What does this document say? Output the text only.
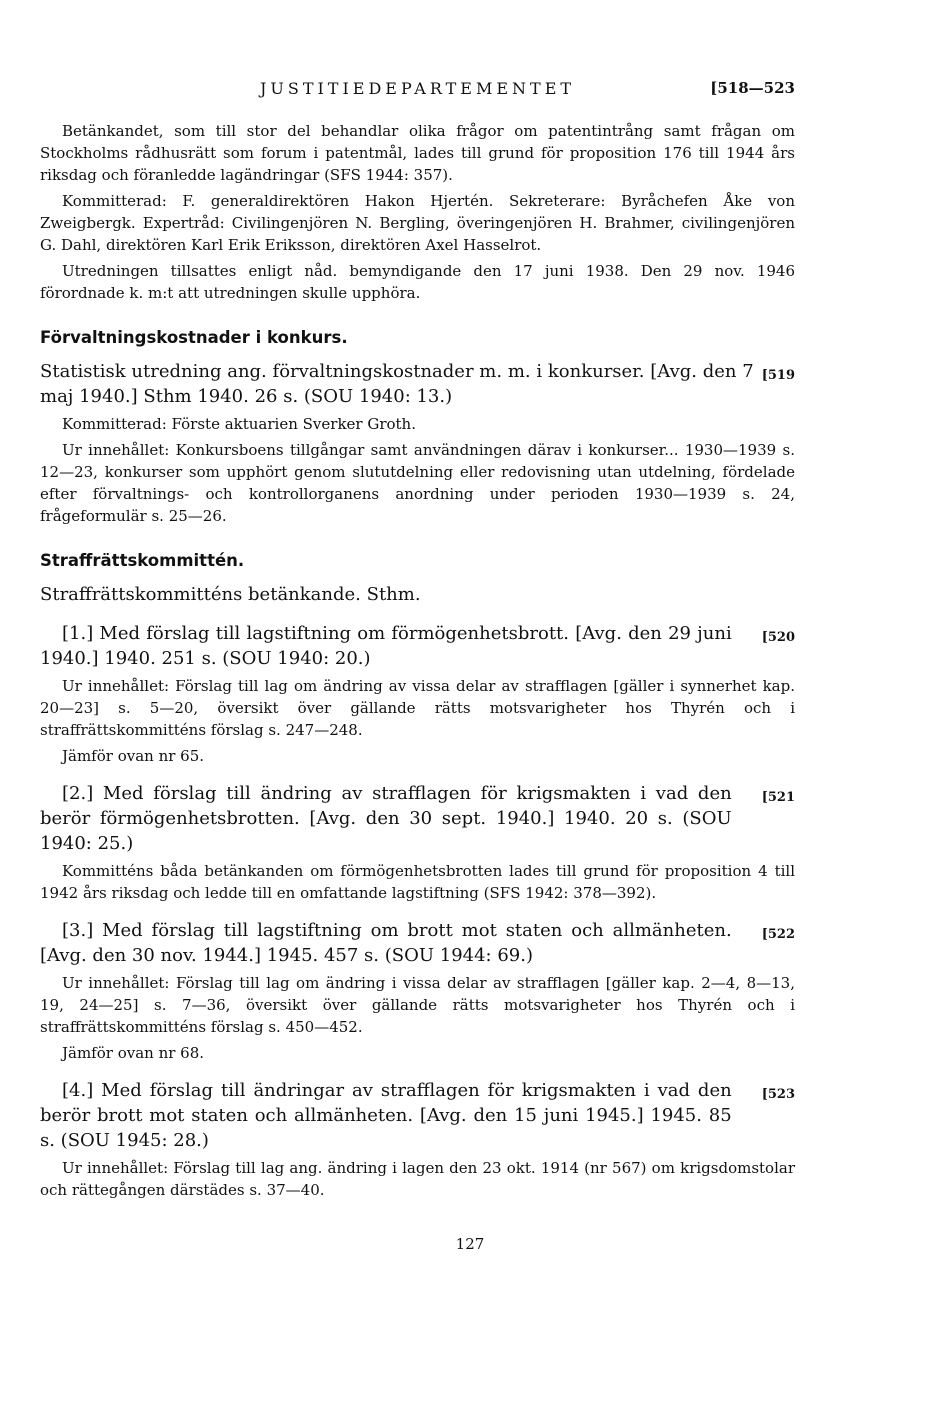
JUSTITIEDEPARTEMENTET	[518—523

Betänkandet, som till stor del behandlar olika frågor om patentintrång samt frågan om Stockholms rådhusrätt som forum i patentmål, lades till grund för proposition 176 till 1944 års riksdag och föranledde lagändringar (SFS 1944: 357).

Kommitterad: F. generaldirektören Hakon Hjertén. Sekreterare: Byråchefen Åke von Zweigbergk. Expertråd: Civilingenjören N. Bergling, överingenjören H. Brahmer, civilingenjören G. Dahl, direktören Karl Erik Eriksson, direktören Axel Hasselrot.

Utredningen tillsattes enligt nåd. bemyndigande den 17 juni 1938. Den 29 nov. 1946 förordnade k. m:t att utredningen skulle upphöra.

Förvaltningskostnader i konkurs.

[519
Statistisk utredning ang. förvaltningskostnader m. m. i konkurser. [Avg. den 7 maj 1940.] Sthm 1940. 26 s. (SOU 1940: 13.)

Kommitterad: Förste aktuarien Sverker Groth.

Ur innehållet: Konkursboens tillgångar samt användningen därav i konkurser... 1930—1939 s. 12—23, konkurser som upphört genom slututdelning eller redovisning utan utdelning, fördelade efter förvaltnings- och kontrollorganens anordning under perioden 1930—1939 s. 24, frågeformulär s. 25—26.

Straffrättskommittén.

Straffrättskommitténs betänkande. Sthm.

[520
[1.] Med förslag till lagstiftning om förmögenhetsbrott. [Avg. den 29 juni 1940.] 1940. 251 s. (SOU 1940: 20.)

Ur innehållet: Förslag till lag om ändring av vissa delar av strafflagen [gäller i synnerhet kap. 20—23] s. 5—20, översikt över gällande rätts motsvarigheter hos Thyrén och i straffrättskommitténs förslag s. 247—248.

Jämför ovan nr 65.

[521
[2.] Med förslag till ändring av strafflagen för krigsmakten i vad den berör förmögenhetsbrotten. [Avg. den 30 sept. 1940.] 1940. 20 s. (SOU 1940: 25.)

Kommitténs båda betänkanden om förmögenhetsbrotten lades till grund för proposition 4 till 1942 års riksdag och ledde till en omfattande lagstiftning (SFS 1942: 378—392).

[522
[3.] Med förslag till lagstiftning om brott mot staten och allmänheten. [Avg. den 30 nov. 1944.] 1945. 457 s. (SOU 1944: 69.)

Ur innehållet: Förslag till lag om ändring i vissa delar av strafflagen [gäller kap. 2—4, 8—13, 19, 24—25] s. 7—36, översikt över gällande rätts motsvarigheter hos Thyrén och i straffrättskommitténs förslag s. 450—452.

Jämför ovan nr 68.

[523
[4.] Med förslag till ändringar av strafflagen för krigsmakten i vad den berör brott mot staten och allmänheten. [Avg. den 15 juni 1945.] 1945. 85 s. (SOU 1945: 28.)

Ur innehållet: Förslag till lag ang. ändring i lagen den 23 okt. 1914 (nr 567) om krigsdomstolar och rättegången därstädes s. 37—40.

127
